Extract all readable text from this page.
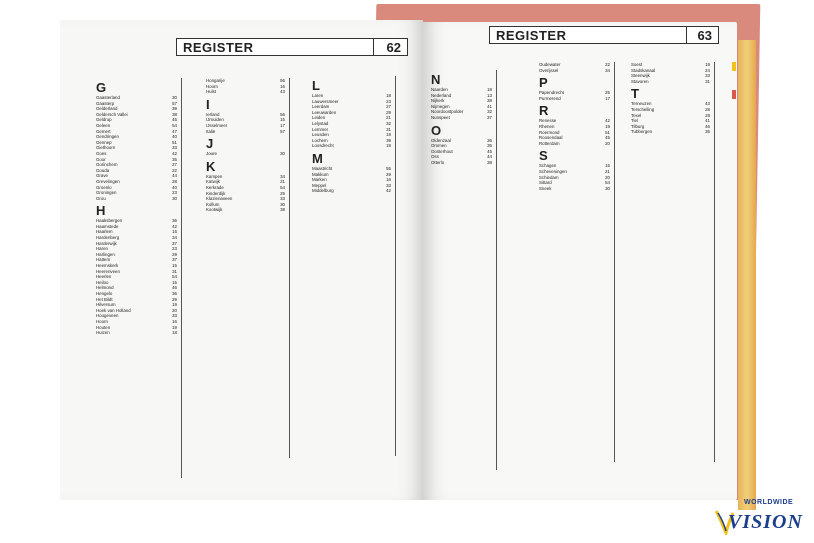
REGISTER	62
G
Gaasterland	30
Gaasterp	57
Gelderland	39
Geldersch Vallei	38
Geldrop	45
Geleen	54
Gemert	47
Gendringen	40
Gennep	51
Giethoorn	33
Goes	42
Goor	35
Gorinchem	27
Gouda	22
Grave	44
Grevelingen	28
Groenlo	40
Groningen	23
Grou	30
H
Haaksbergen	36
Haamstede	42
Haarlem	15
Hardenberg	34
Harderwijk	37
Haren	23
Harlingen	29
Hattem	37
Heemskerk	15
Heerenveen	31
Heerlen	54
Heiloo	15
Helmond	46
Hengelo	36
Het Bildt	29
Hilversum	19
Hoek van Holland	20
Hoogeveen	33
Hoorn	16
Houten	19
Huizen	18
Hongarije	56
Hoorn	16
Hulst	43
I
Ierland	56
IJmuiden	15
IJsselmeer	17
Italië	57
J
Joure	30
K
Kampen	34
Katwijk	21
Kerkrade	54
Kinderdijk	25
Klazienaveen	33
Kollum	30
Kootwijk	38
L
Laren	18
Lauwersmeer	23
Leerdam	27
Leeuwarden	29
Leiden	21
Lelystad	32
Lemmer	31
Leusden	19
Lochem	39
Loosdrecht	19
M
Maastricht	55
Makkum	29
Marken	16
Meppel	33
Middelburg	42
REGISTER	63
N
Naarden	18
Nederland	13
Nijkerk	38
Nijmegen	41
Noordoostpolder	32
Nunspeet	37
O
Oldenzaal	36
Ommen	35
Oosterhout	45
Oss	44
Otterlo	38
Oudewater	22
Overijssel	34
P
Papendrecht	25
Purmerend	17
R
Renesse	42
Rhenen	19
Roermond	51
Roosendaal	45
Rotterdam	20
S
Schagen	15
Scheveningen	21
Schiedam	20
Sittard	54
Sneek	30
Soest	19
Stadskanaal	24
Steenwijk	33
Stavoren	31
T
Terneuzen	43
Terschelling	28
Texel	28
Tiel	41
Tilburg	46
Tubbergen	35
WORLDWIDE
VISION
